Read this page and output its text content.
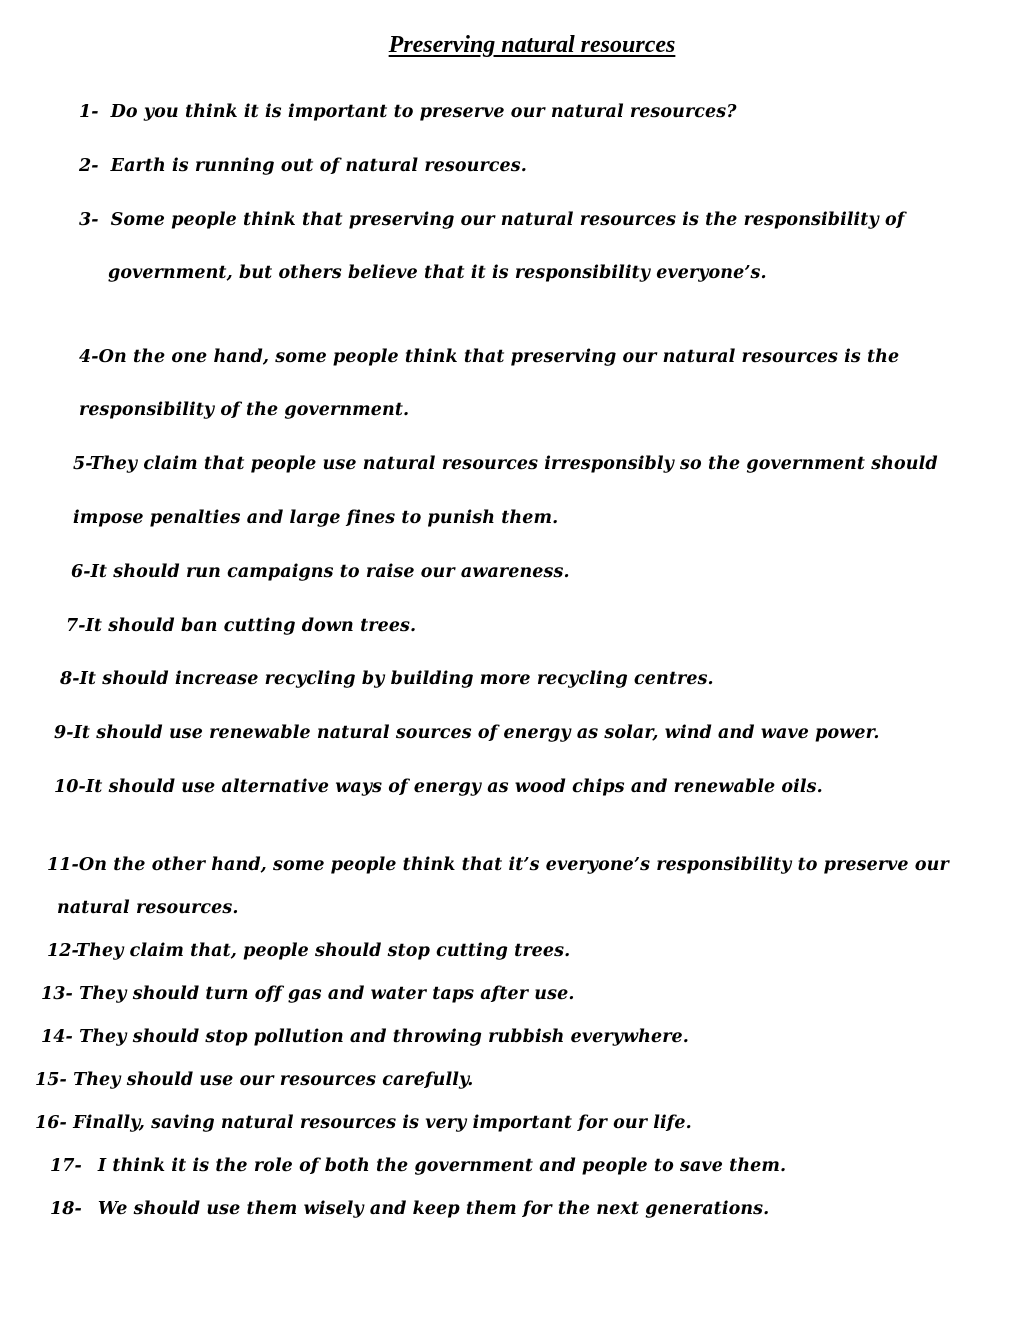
Preserving natural resources
1- Do you think it is important to preserve our natural resources?
2- Earth is running out of natural resources.
3- Some people think that preserving our natural resources is the responsibility of
government, but others believe that it is responsibility everyone’s.
4-On the one hand, some people think that preserving our natural resources is the
responsibility of the government.
5-They claim that people use natural resources irresponsibly so the government should
impose penalties and large fines to punish them.
6-It should run campaigns to raise our awareness.
7-It should ban cutting down trees.
8-It should increase recycling by building more recycling centres.
9-It should use renewable natural sources of energy as solar, wind and wave power.
10-It should use alternative ways of energy as wood chips and renewable oils.
11-On the other hand, some people think that it’s everyone’s responsibility to preserve our
natural resources.
12-They claim that, people should stop cutting trees.
13- They should turn off gas and water taps after use.
14- They should stop pollution and throwing rubbish everywhere.
15- They should use our resources carefully.
16- Finally, saving natural resources is very important for our life.
17- I think it is the role of both the government and people to save them.
18- We should use them wisely and keep them for the next generations.
